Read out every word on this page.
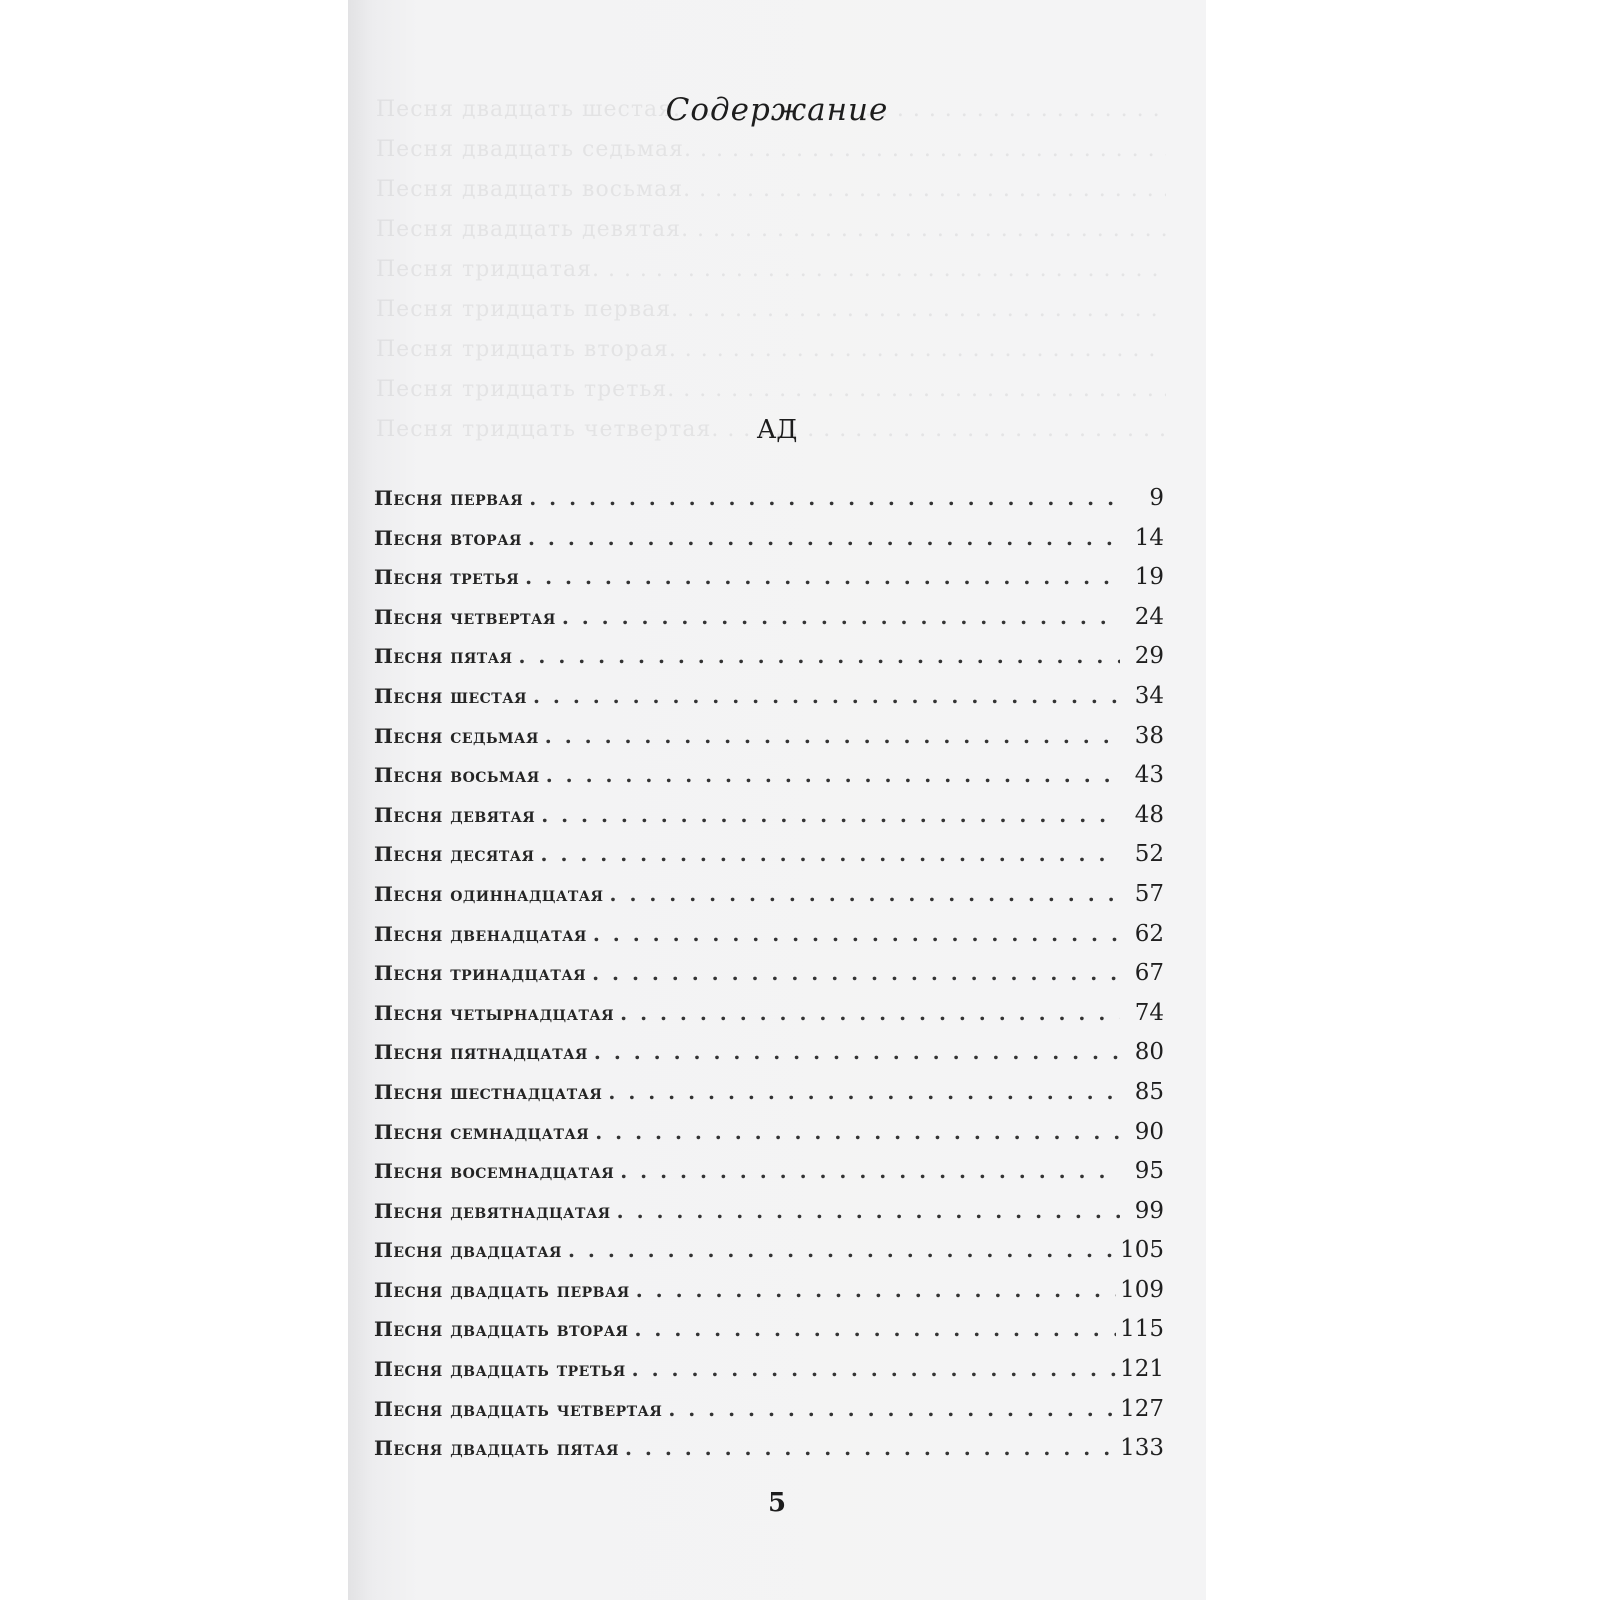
Песня двадцать шестая
. . .
Песня двадцать седьмая
. . .
Песня двадцать восьмая
. . .
Песня двадцать девятая
. . .
Песня тридцатая
. . .
Песня тридцать первая
. . .
Песня тридцать вторая
. . .
Песня тридцать третья
. . .
Песня тридцать четвертая
. . .
Содержание
АД
Песня первая . . .	9
Песня вторая . . .	14
Песня третья . . .	19
Песня четвертая . . .	24
Песня пятая . . .	29
Песня шестая . . .	34
Песня седьмая . . .	38
Песня восьмая . . .	43
Песня девятая . . .	48
Песня десятая . . .	52
Песня одиннадцатая . . .	57
Песня двенадцатая . . .	62
Песня тринадцатая . . .	67
Песня четырнадцатая . . .	74
Песня пятнадцатая . . .	80
Песня шестнадцатая . . .	85
Песня семнадцатая . . .	90
Песня восемнадцатая . . .	95
Песня девятнадцатая . . .	99
Песня двадцатая . . .	105
Песня двадцать первая . . .	109
Песня двадцать вторая . . .	115
Песня двадцать третья . . .	121
Песня двадцать четвертая . . .	127
Песня двадцать пятая . . .	133
5
